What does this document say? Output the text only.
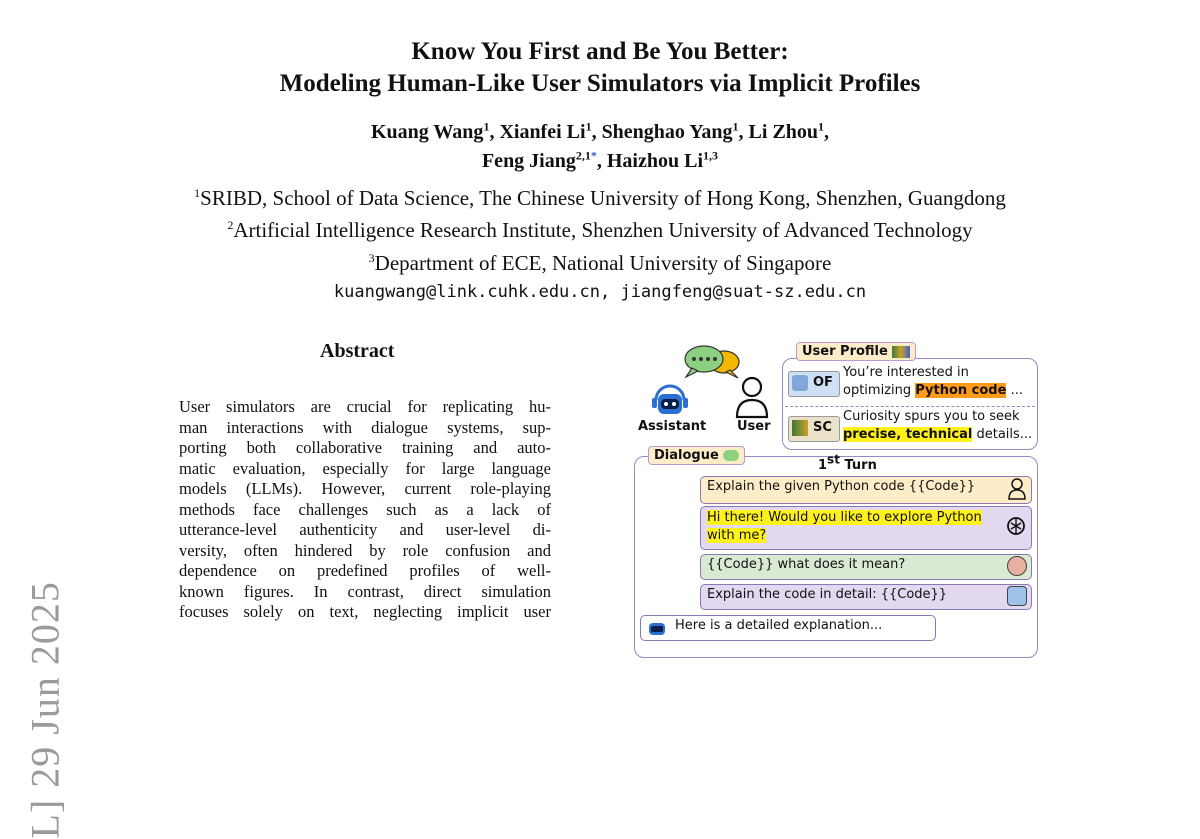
Know You First and Be You Better:
Modeling Human-Like User Simulators via Implicit Profiles
Kuang Wang$^1$, Xianfei Li$^1$, Shenghao Yang$^1$, Li Zhou$^1$,
Feng Jiang$^{2,1*}$, Haizhou Li$^{1,3}$
$^1$SRIBD, School of Data Science, The Chinese University of Hong Kong, Shenzhen, Guangdong
$^2$Artificial Intelligence Research Institute, Shenzhen University of Advanced Technology
$^3$Department of ECE, National University of Singapore
kuangwang@link.cuhk.edu.cn, jiangfeng@suat-sz.edu.cn
L] 29 Jun 2025
Abstract
User simulators are crucial for replicating hu-
man interactions with dialogue systems, sup-
porting both collaborative training and auto-
matic evaluation, especially for large language
models (LLMs). However, current role-playing
methods face challenges such as a lack of
utterance-level authenticity and user-level di-
versity, often hindered by role confusion and
dependence on predefined profiles of well-
known figures. In contrast, direct simulation
focuses solely on text, neglecting implicit user
Assistant User
User Profile
OF
You’re interested in
optimizing Python code ...
SC
Curiosity spurs you to seek
precise, technical details...
Dialogue
1st Turn
Explain the given Python code {{Code}}
Hi there! Would you like to explore Python
with me?
{{Code}} what does it mean?
Explain the code in detail: {{Code}}
Here is a detailed explanation...
